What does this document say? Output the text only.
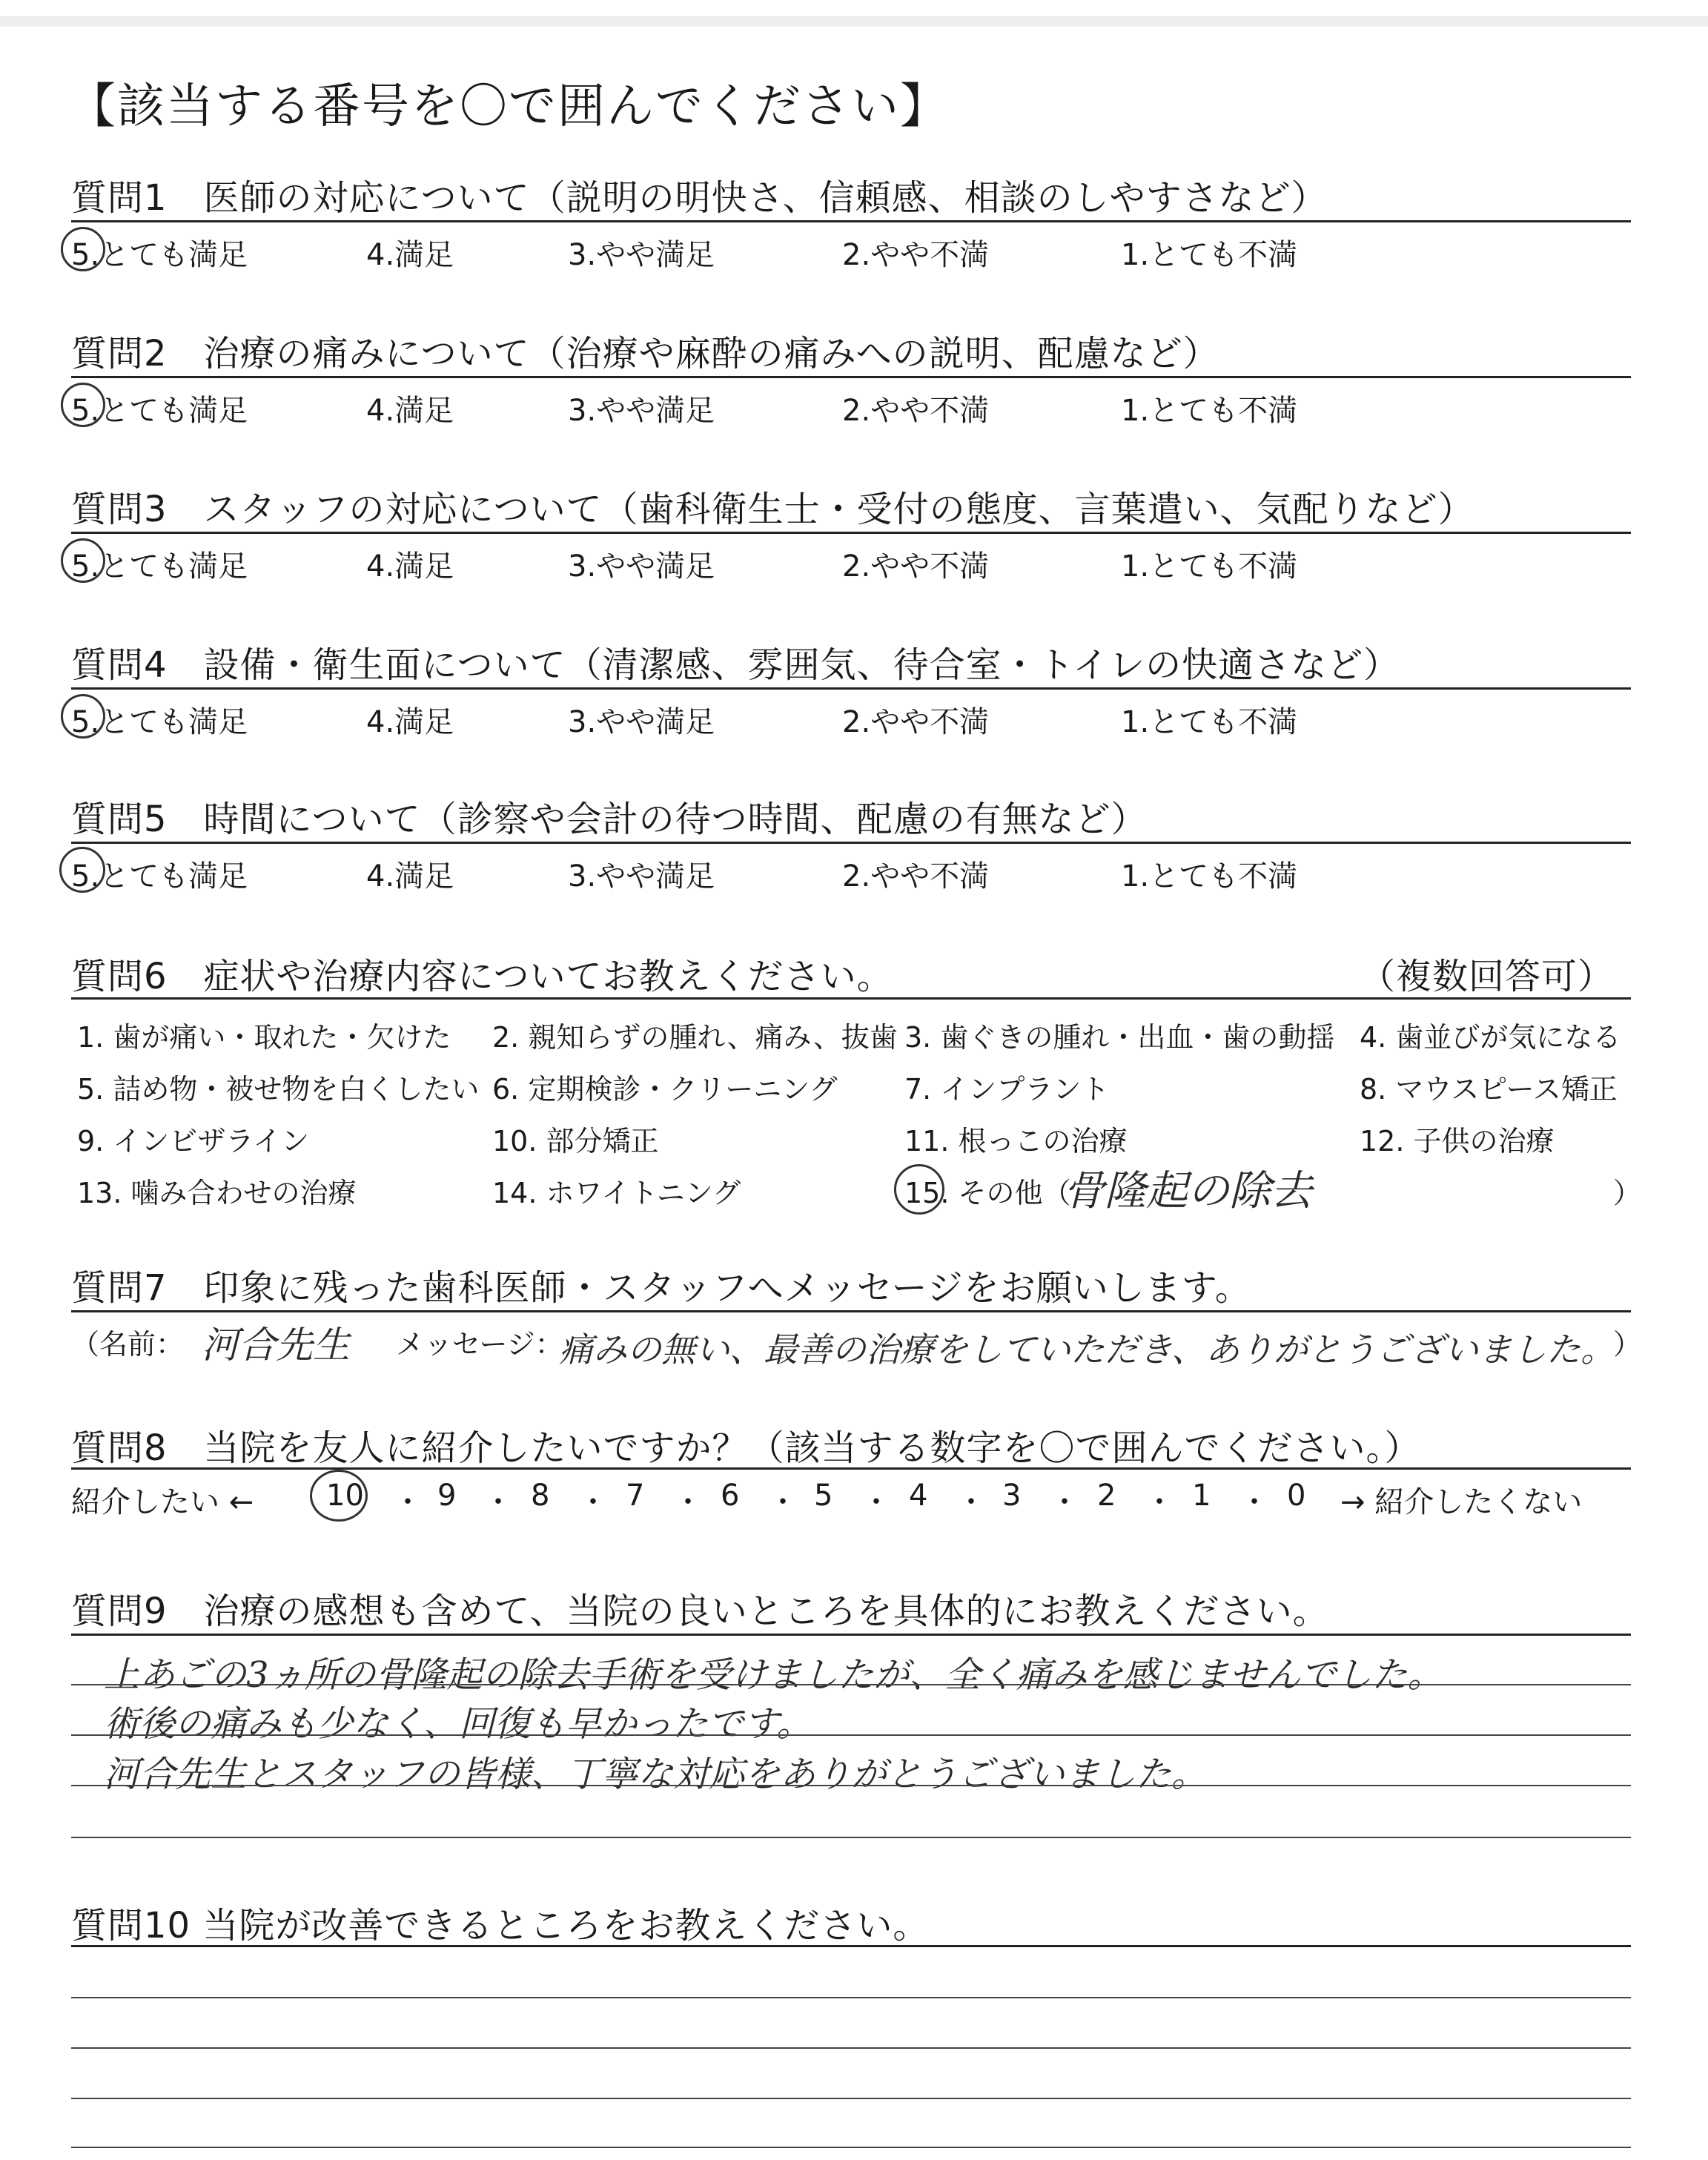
【該当する番号を〇で囲んでください】
質問1　医師の対応について（説明の明快さ、信頼感、相談のしやすさなど）
5.とても満足	4.満足	3.やや満足	2.やや不満	1.とても不満
質問2　治療の痛みについて（治療や麻酔の痛みへの説明、配慮など）
5.とても満足	4.満足	3.やや満足	2.やや不満	1.とても不満
質問3　スタッフの対応について（歯科衛生士・受付の態度、言葉遣い、気配りなど）
5.とても満足	4.満足	3.やや満足	2.やや不満	1.とても不満
質問4　設備・衛生面について（清潔感、雰囲気、待合室・トイレの快適さなど）
5.とても満足	4.満足	3.やや満足	2.やや不満	1.とても不満
質問5　時間について（診察や会計の待つ時間、配慮の有無など）
5.とても満足	4.満足	3.やや満足	2.やや不満	1.とても不満
質問6　症状や治療内容についてお教えください。	（複数回答可）
1. 歯が痛い・取れた・欠けた 2. 親知らずの腫れ、痛み、抜歯 3. 歯ぐきの腫れ・出血・歯の動揺 4. 歯並びが気になる
5. 詰め物・被せ物を白くしたい 6. 定期検診・クリーニング 7. インプラント	8. マウスピース矯正
9. インビザライン	10. 部分矯正	11. 根っこの治療	12. 子供の治療
13. 噛み合わせの治療	14. ホワイトニング	15. その他（
骨隆起の除去	）
質問7　印象に残った歯科医師・スタッフへメッセージをお願いします。
（名前： 河合先生 メッセージ：
痛みの無い、最善の治療をしていただき、ありがとうございました。
）
質問8　当院を友人に紹介したいですか？（該当する数字を〇で囲んでください。）
紹介したい ← 10 ・ 9 ・ 8 ・ 7 ・ 6 ・ 5 ・ 4 ・ 3 ・ 2 ・ 1 ・ 0 → 紹介したくない
質問9　治療の感想も含めて、当院の良いところを具体的にお教えください。
上あごの3ヵ所の骨隆起の除去手術を受けましたが、全く痛みを感じませんでした。
術後の痛みも少なく、回復も早かったです。
河合先生とスタッフの皆様、丁寧な対応をありがとうございました。
質問10 当院が改善できるところをお教えください。
